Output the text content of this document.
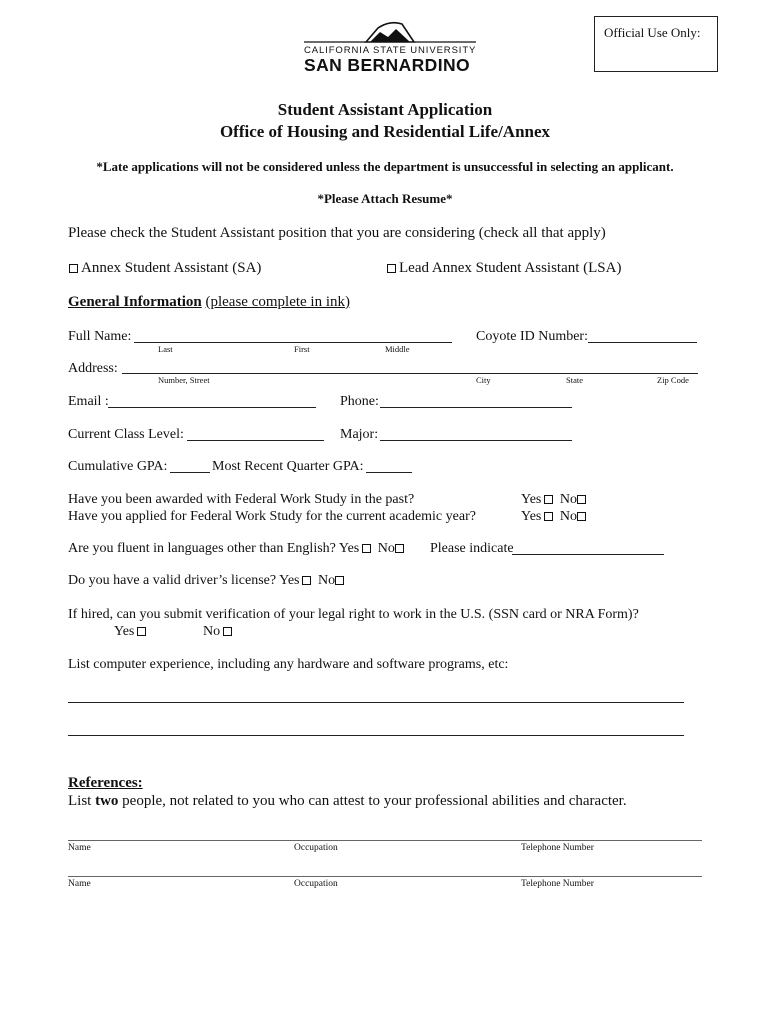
Official Use Only:
CALIFORNIA STATE UNIVERSITY
SAN BERNARDINO
Student Assistant Application
Office of Housing and Residential Life/Annex
*Late applications will not be considered unless the department is unsuccessful in selecting an applicant.
*Please Attach Resume*
Please check the Student Assistant position that you are considering (check all that apply)
Annex Student Assistant (SA)	Lead Annex Student Assistant (LSA)
General Information (please complete in ink)
Full Name:
Last	First	Middle
Coyote ID Number:
Address:
Number, Street	City	State	Zip Code
Email :	Phone:
Current Class Level:	Major:
Cumulative GPA:	Most Recent Quarter GPA:
Have you been awarded with Federal Work Study in the past?	Yes No
Have you applied for Federal Work Study for the current academic year?	Yes No
Are you fluent in languages other than English? Yes No	Please indicate
Do you have a valid driver’s license? Yes No
If hired, can you submit verification of your legal right to work in the U.S. (SSN card or NRA Form)?
Yes	No
List computer experience, including any hardware and software programs, etc:
References:
List two people, not related to you who can attest to your professional abilities and character.
Name	Occupation	Telephone Number
Name	Occupation	Telephone Number
